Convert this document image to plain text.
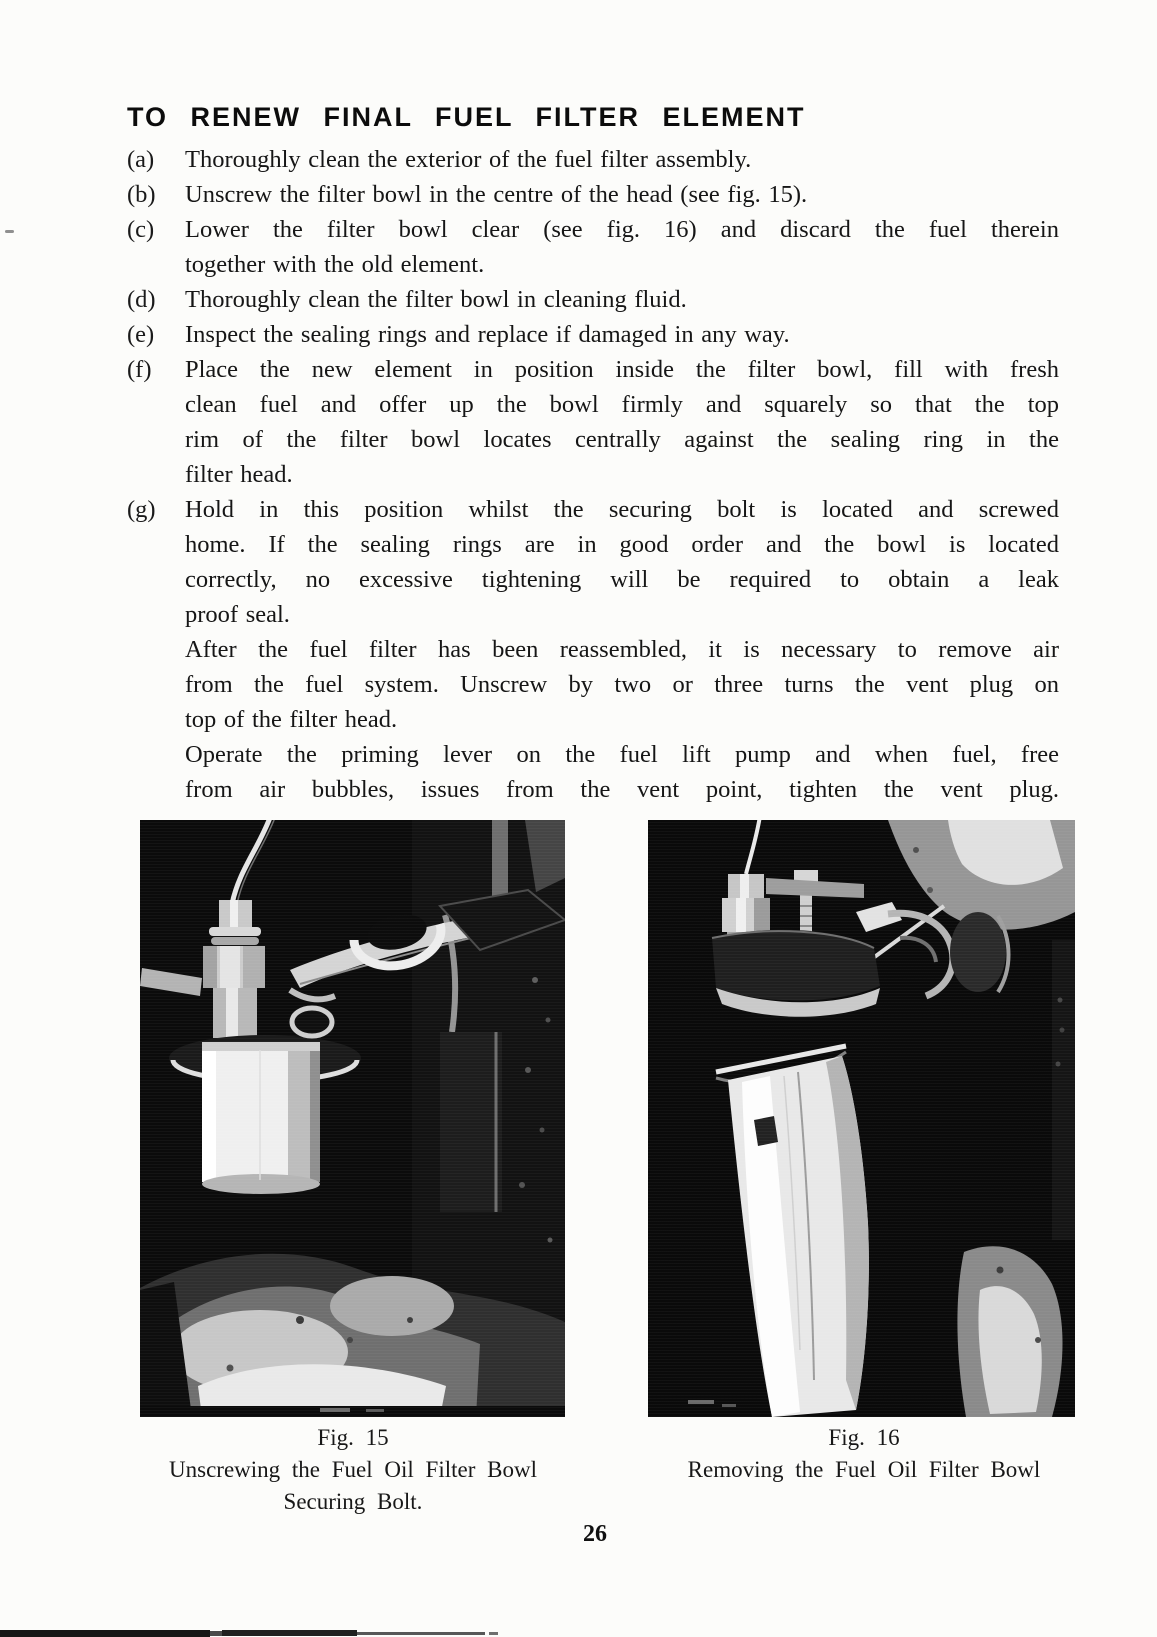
TO RENEW FINAL FUEL FILTER ELEMENT
(a)	Thoroughly clean the exterior of the fuel filter assembly.
(b)	Unscrew the filter bowl in the centre of the head (see fig. 15).
(c)	Lower the filter bowl clear (see fig. 16) and discard the fuel therein
together with the old element.
(d)	Thoroughly clean the filter bowl in cleaning fluid.
(e)	Inspect the sealing rings and replace if damaged in any way.
(f)	Place the new element in position inside the filter bowl, fill with fresh
clean fuel and offer up the bowl firmly and squarely so that the top
rim of the filter bowl locates centrally against the sealing ring in the
filter head.
(g)	Hold in this position whilst the securing bolt is located and screwed
home. If the sealing rings are in good order and the bowl is located
correctly, no excessive tightening will be required to obtain a leak
proof seal.
After the fuel filter has been reassembled, it is necessary to remove air
from the fuel system. Unscrew by two or three turns the vent plug on
top of the filter head.
Operate the priming lever on the fuel lift pump and when fuel, free
from air bubbles, issues from the vent point, tighten the vent plug.
Fig. 15
Unscrewing the Fuel Oil Filter Bowl
Securing Bolt.
Fig. 16
Removing the Fuel Oil Filter Bowl
26
